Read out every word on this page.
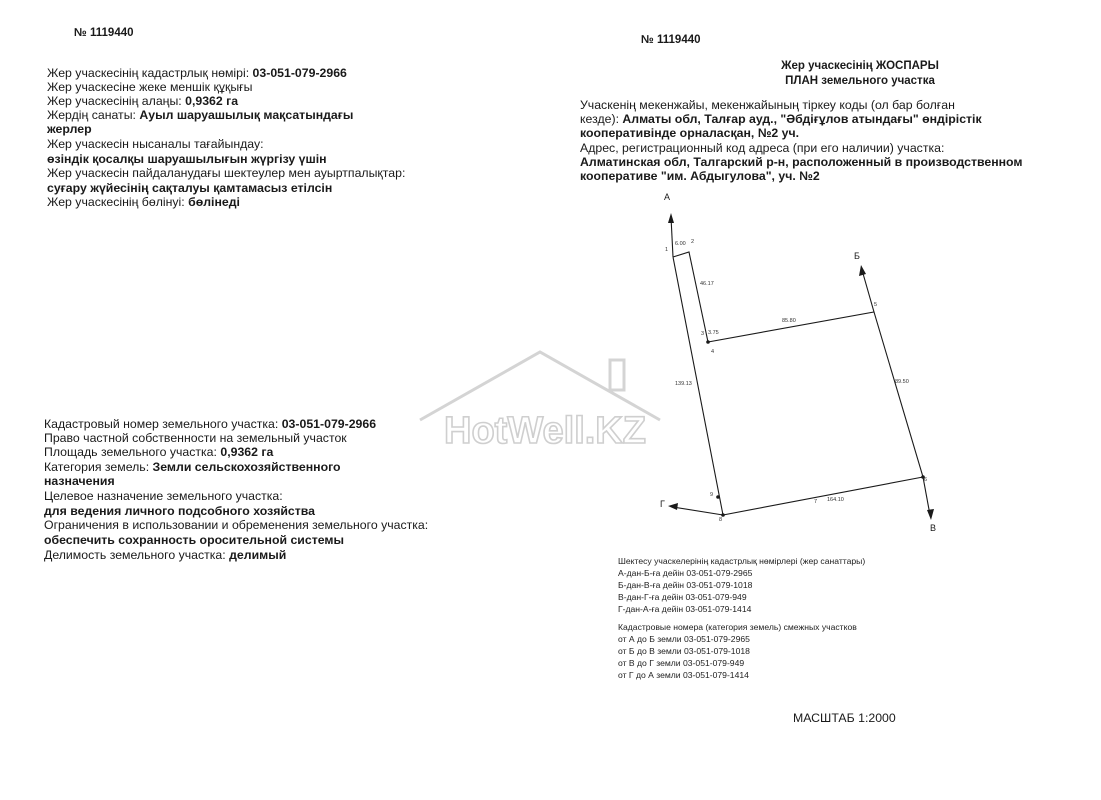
№ 1119440
Жер учаскесінің кадастрлық нөмірі: 03-051-079-2966
Жер учаскесіне жеке меншік құқығы
Жер учаскесінің алаңы: 0,9362 га
Жердің санаты: Ауыл шаруашылық мақсатындағы
жерлер
Жер учаскесін нысаналы тағайындау:
өзіндік қосалқы шаруашылығын жүргізу үшін
Жер учаскесін пайдаланудағы шектеулер мен ауыртпалықтар:
суғару жүйесінің сақталуы қамтамасыз етілсін
Жер учаскесінің бөлінуі: бөлінеді
Кадастровый номер земельного участка: 03-051-079-2966
Право частной собственности на земельный участок
Площадь земельного участка: 0,9362 га
Категория земель: Земли сельскохозяйственного
назначения
Целевое назначение земельного участка:
для ведения личного подсобного хозяйства
Ограничения в использовании и обременения земельного участка:
обеспечить сохранность оросительной системы
Делимость земельного участка: делимый
HotWell.KZ
№ 1119440
Жер учаскесінің ЖОСПАРЫ
ПЛАН земельного участка
Учаскенің мекенжайы, мекенжайының тіркеу коды (ол бар болған
кезде): Алматы обл, Талғар ауд., "Әбдіғұлов атындағы" өндірістік
кооперативінде орналасқан, №2 уч.
Адрес, регистрационный код адреса (при его наличии) участка:
Алматинская обл, Талгарский р-н, расположенный в производственном
кооперативе "им. Абдыгулова", уч. №2
А
Б
В
Г
1
2
3
4
5
6
7
8
9
6.00
46.17
3.75
85.80
139.13	89.50
164.10
Шектесу учаскелерінің кадастрлық нөмірлері (жер санаттары)
А-дан-Б-ға дейін 03-051-079-2965
Б-дан-В-ға дейін 03-051-079-1018
В-дан-Г-ға дейін 03-051-079-949
Г-дан-А-ға дейін 03-051-079-1414
Кадастровые номера (категория земель) смежных участков
от А до Б земли 03-051-079-2965
от Б до В земли 03-051-079-1018
от В до Г земли 03-051-079-949
от Г до А земли 03-051-079-1414
МАСШТАБ 1:2000
